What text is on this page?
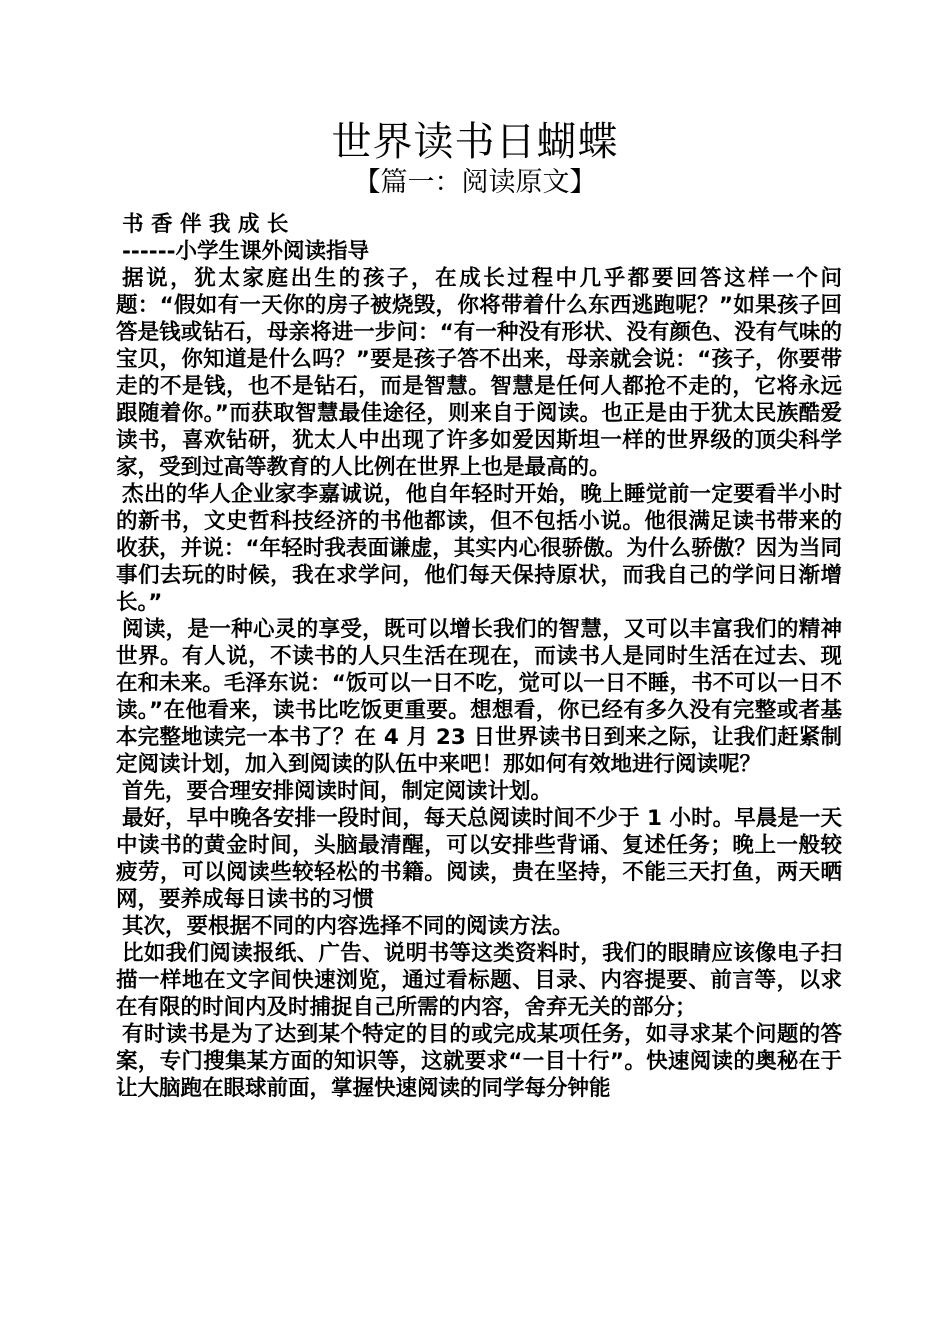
世界读书日蝴蝶
【篇一：阅读原文】

书 香 伴 我 成 长

------小学生课外阅读指导

据说，犹太家庭出生的孩子，在成长过程中几乎都要回答这样一个问题：“假如有一天你的房子被烧毁，你将带着什么东西逃跑呢？”如果孩子回答是钱或钻石，母亲将进一步问：“有一种没有形状、没有颜色、没有气味的宝贝，你知道是什么吗？”要是孩子答不出来，母亲就会说：“孩子，你要带走的不是钱，也不是钻石，而是智慧。智慧是任何人都抢不走的，它将永远跟随着你。”而获取智慧最佳途径，则来自于阅读。也正是由于犹太民族酷爱读书，喜欢钻研，犹太人中出现了许多如爱因斯坦一样的世界级的顶尖科学家，受到过高等教育的人比例在世界上也是最高的。

杰出的华人企业家李嘉诚说，他自年轻时开始，晚上睡觉前一定要看半小时的新书，文史哲科技经济的书他都读，但不包括小说。他很满足读书带来的收获，并说：“年轻时我表面谦虚，其实内心很骄傲。为什么骄傲？因为当同事们去玩的时候，我在求学问，他们每天保持原状，而我自己的学问日渐增长。”

阅读，是一种心灵的享受，既可以增长我们的智慧，又可以丰富我们的精神世界。有人说，不读书的人只生活在现在，而读书人是同时生活在过去、现在和未来。毛泽东说：“饭可以一日不吃，觉可以一日不睡，书不可以一日不读。”在他看来，读书比吃饭更重要。想想看，你已经有多久没有完整或者基本完整地读完一本书了？在 4 月 23 日世界读书日到来之际，让我们赶紧制定阅读计划，加入到阅读的队伍中来吧！那如何有效地进行阅读呢？

首先，要合理安排阅读时间，制定阅读计划。

最好，早中晚各安排一段时间，每天总阅读时间不少于 1 小时。早晨是一天中读书的黄金时间，头脑最清醒，可以安排些背诵、复述任务；晚上一般较疲劳，可以阅读些较轻松的书籍。阅读，贵在坚持，不能三天打鱼，两天晒网，要养成每日读书的习惯

其次，要根据不同的内容选择不同的阅读方法。

比如我们阅读报纸、广告、说明书等这类资料时，我们的眼睛应该像电子扫描一样地在文字间快速浏览，通过看标题、目录、内容提要、前言等，以求在有限的时间内及时捕捉自己所需的内容，舍弃无关的部分；

有时读书是为了达到某个特定的目的或完成某项任务，如寻求某个问题的答案，专门搜集某方面的知识等，这就要求“一目十行”。快速阅读的奥秘在于让大脑跑在眼球前面，掌握快速阅读的同学每分钟能
